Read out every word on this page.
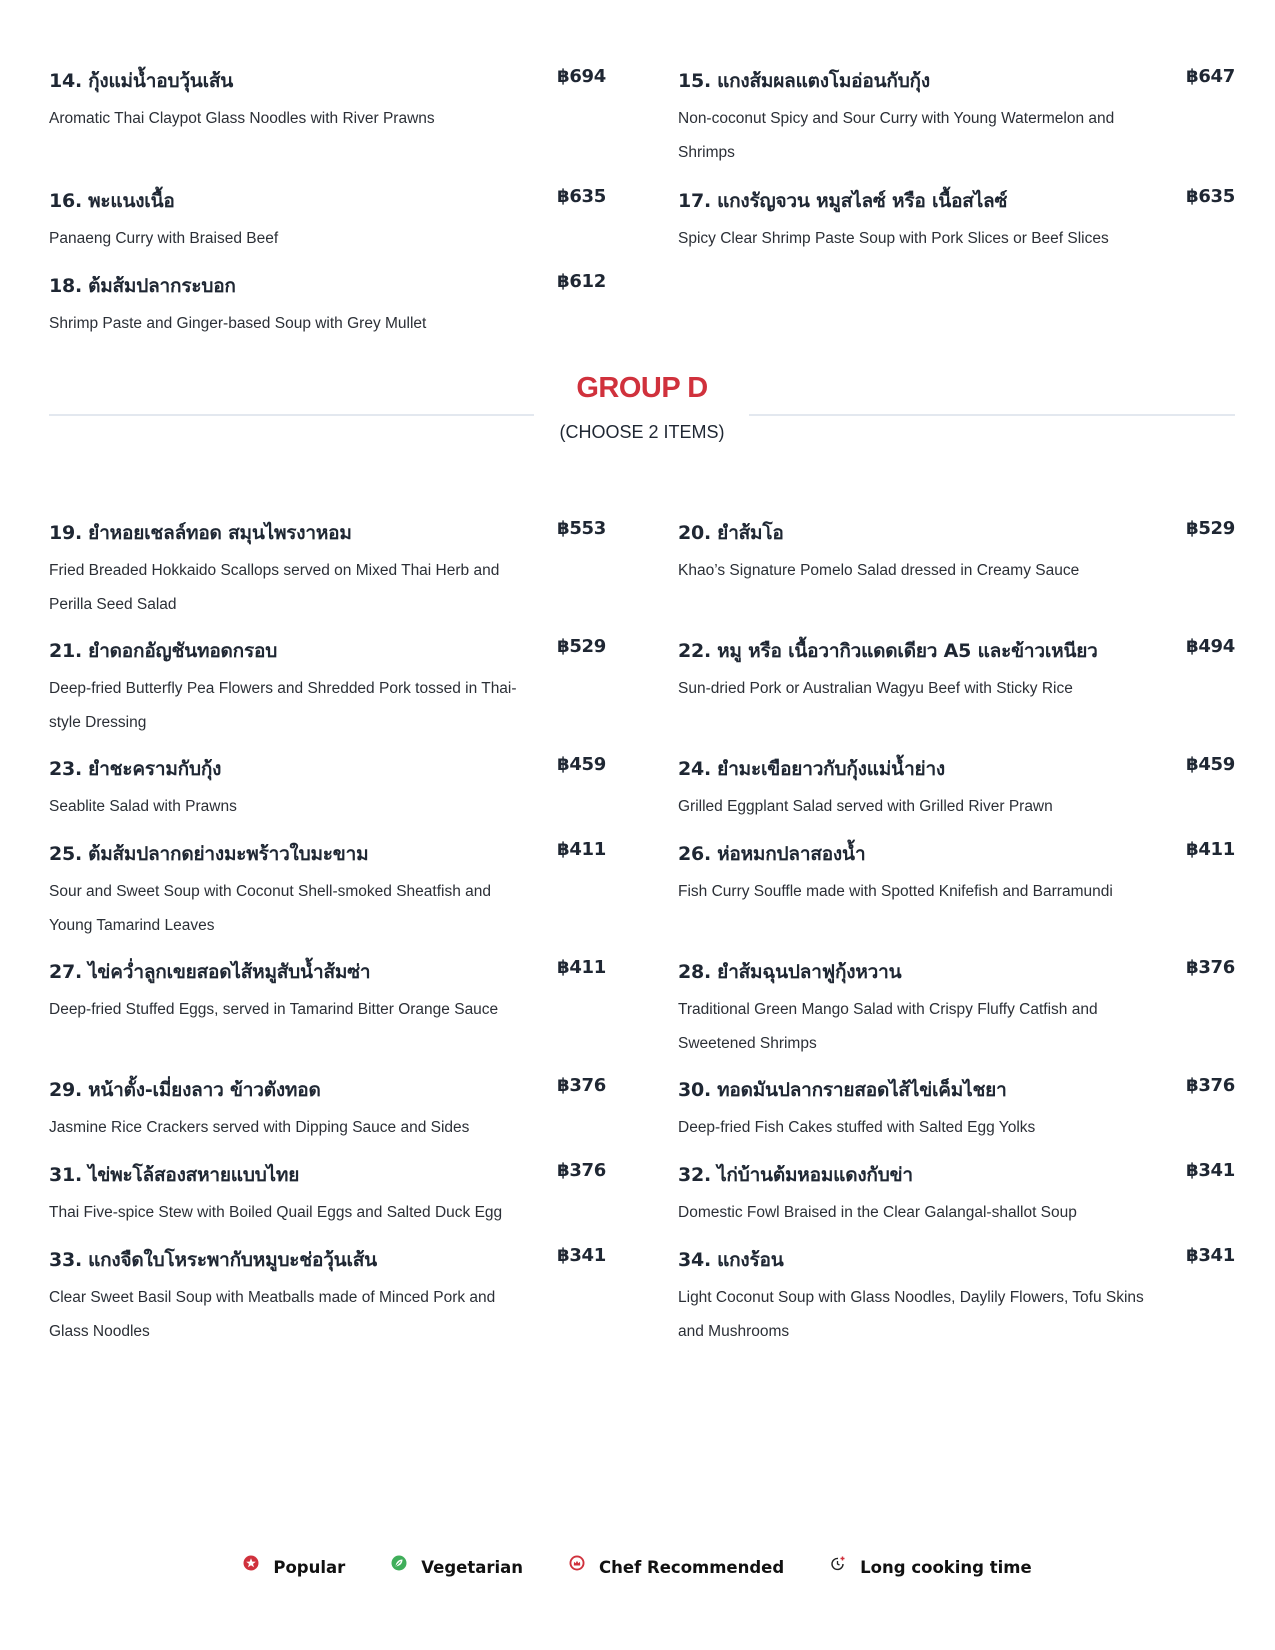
14. กุ้งแม่น้ำอบวุ้นเส้น	฿694
Aromatic Thai Claypot Glass Noodles with River Prawns
16. พะแนงเนื้อ	฿635
Panaeng Curry with Braised Beef
18. ต้มส้มปลากระบอก	฿612
Shrimp Paste and Ginger-based Soup with Grey Mullet
15. แกงส้มผลแตงโมอ่อนกับกุ้ง	฿647
Non-coconut Spicy and Sour Curry with Young Watermelon and Shrimps
17. แกงรัญจวน หมูสไลซ์ หรือ เนื้อสไลซ์	฿635
Spicy Clear Shrimp Paste Soup with Pork Slices or Beef Slices
GROUP D
(CHOOSE 2 ITEMS)
19. ยำหอยเชลล์ทอด สมุนไพรงาหอม	฿553
Fried Breaded Hokkaido Scallops served on Mixed Thai Herb and Perilla Seed Salad
21. ยำดอกอัญชันทอดกรอบ	฿529
Deep-fried Butterfly Pea Flowers and Shredded Pork tossed in Thai-style Dressing
23. ยำชะครามกับกุ้ง	฿459
Seablite Salad with Prawns
25. ต้มส้มปลากดย่างมะพร้าวใบมะขาม	฿411
Sour and Sweet Soup with Coconut Shell-smoked Sheatfish and Young Tamarind Leaves
27. ไข่คว่ำลูกเขยสอดไส้หมูสับน้ำส้มซ่า	฿411
Deep-fried Stuffed Eggs, served in Tamarind Bitter Orange Sauce
29. หน้าตั้ง-เมี่ยงลาว ข้าวตังทอด	฿376
Jasmine Rice Crackers served with Dipping Sauce and Sides
31. ไข่พะโล้สองสหายแบบไทย	฿376
Thai Five-spice Stew with Boiled Quail Eggs and Salted Duck Egg
33. แกงจืดใบโหระพากับหมูบะช่อวุ้นเส้น	฿341
Clear Sweet Basil Soup with Meatballs made of Minced Pork and Glass Noodles
20. ยำส้มโอ	฿529
Khao’s Signature Pomelo Salad dressed in Creamy Sauce
22. หมู หรือ เนื้อวากิวแดดเดียว A5 และข้าวเหนียว	฿494
Sun-dried Pork or Australian Wagyu Beef with Sticky Rice
24. ยำมะเขือยาวกับกุ้งแม่น้ำย่าง	฿459
Grilled Eggplant Salad served with Grilled River Prawn
26. ห่อหมกปลาสองน้ำ	฿411
Fish Curry Souffle made with Spotted Knifefish and Barramundi
28. ยำส้มฉุนปลาฟูกุ้งหวาน	฿376
Traditional Green Mango Salad with Crispy Fluffy Catfish and Sweetened Shrimps
30. ทอดมันปลากรายสอดไส้ไข่เค็มไชยา	฿376
Deep-fried Fish Cakes stuffed with Salted Egg Yolks
32. ไก่บ้านต้มหอมแดงกับข่า	฿341
Domestic Fowl Braised in the Clear Galangal-shallot Soup
34. แกงร้อน	฿341
Light Coconut Soup with Glass Noodles, Daylily Flowers, Tofu Skins and Mushrooms
Popular	Vegetarian	Chef Recommended	Long cooking time
